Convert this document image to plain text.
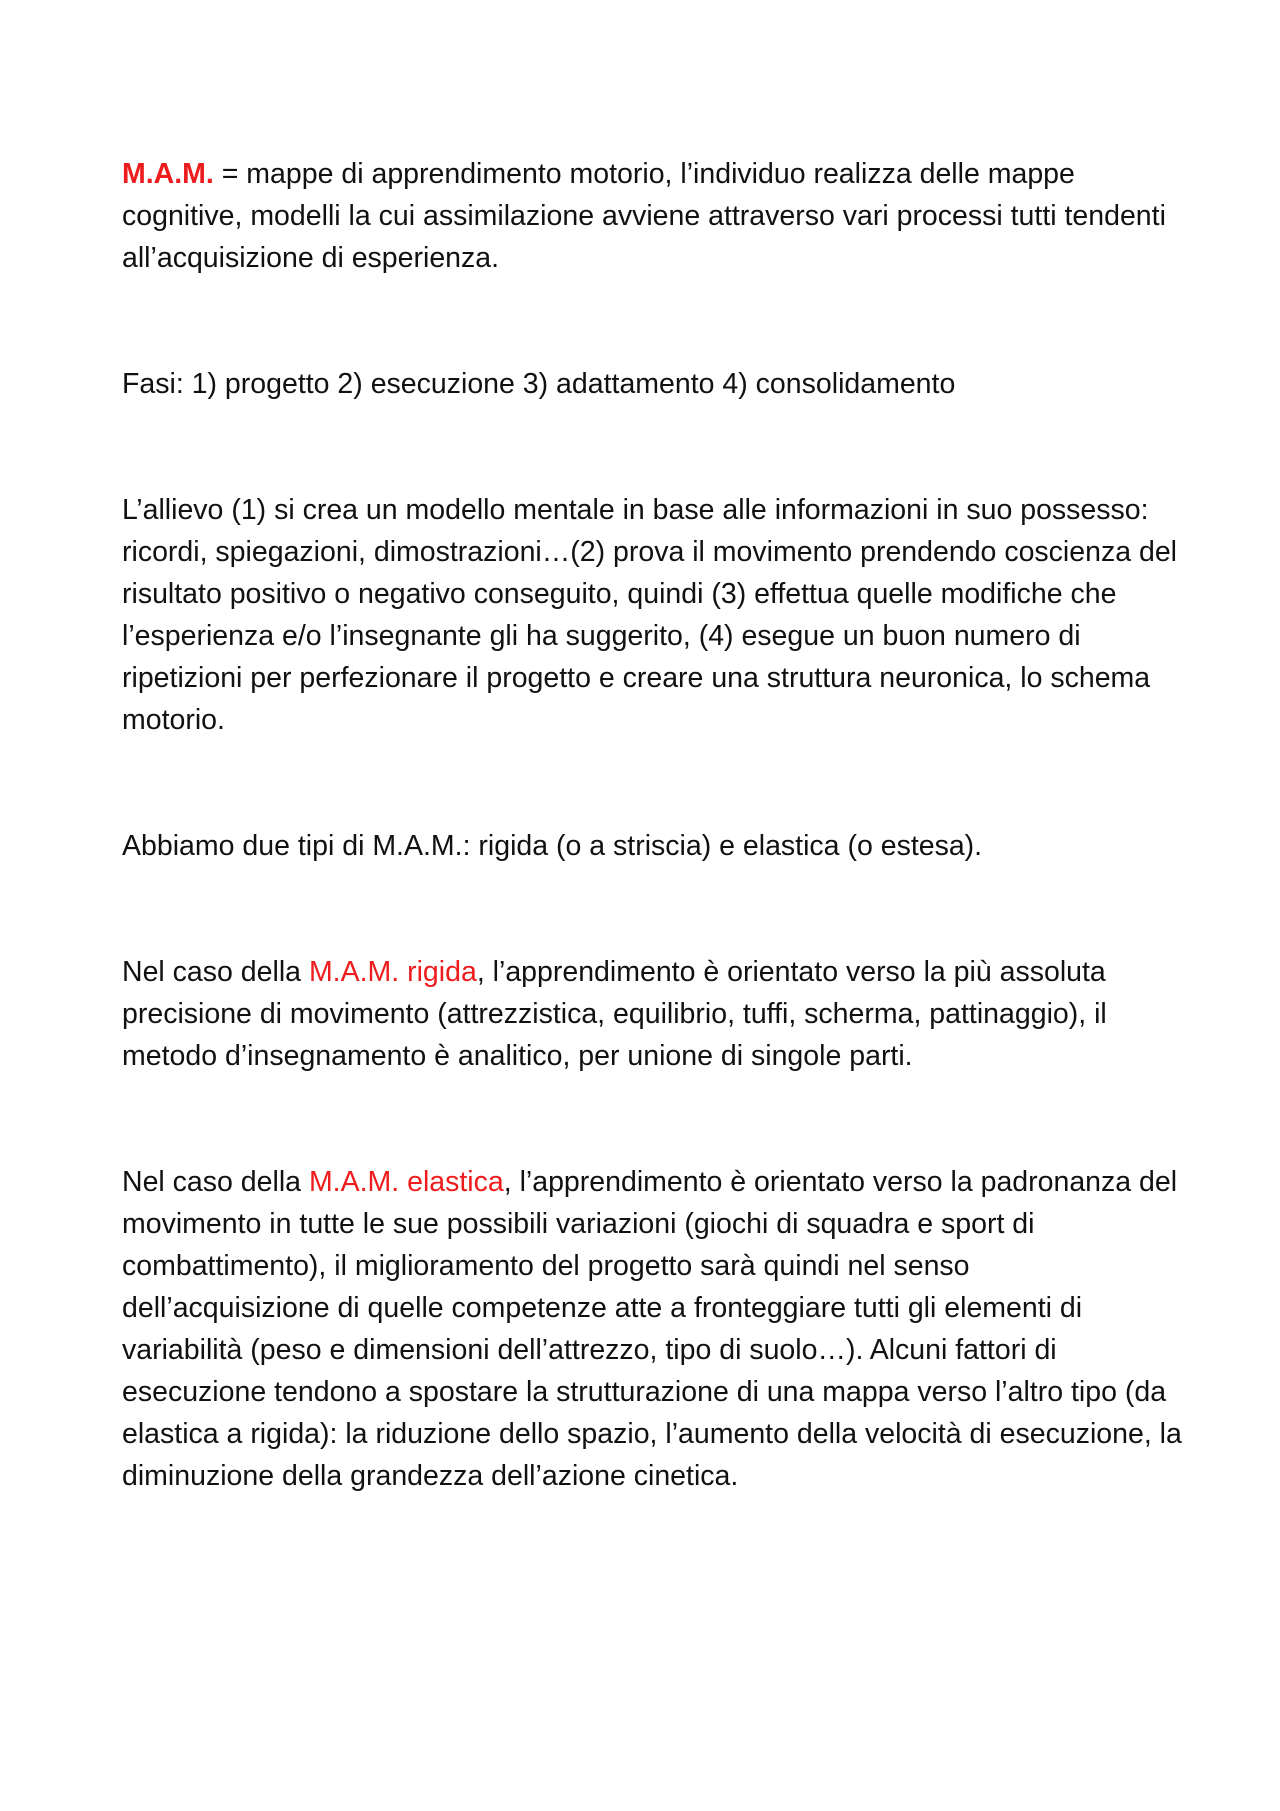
M.A.M. = mappe di apprendimento motorio, l’individuo realizza delle mappe cognitive, modelli la cui assimilazione avviene attraverso vari processi tutti tendenti all’acquisizione di esperienza.

Fasi: 1) progetto 2) esecuzione 3) adattamento 4) consolidamento

L’allievo (1) si crea un modello mentale in base alle informazioni in suo possesso: ricordi, spiegazioni, dimostrazioni…(2) prova il movimento prendendo coscienza del risultato positivo o negativo conseguito, quindi (3) effettua quelle modifiche che l’esperienza e/o l’insegnante gli ha suggerito, (4) esegue un buon numero di ripetizioni per perfezionare il progetto e creare una struttura neuronica, lo schema motorio.

Abbiamo due tipi di M.A.M.: rigida (o a striscia) e elastica (o estesa).

Nel caso della M.A.M. rigida, l’apprendimento è orientato verso la più assoluta precisione di movimento (attrezzistica, equilibrio, tuffi, scherma, pattinaggio), il metodo d’insegnamento è analitico, per unione di singole parti.

Nel caso della M.A.M. elastica, l’apprendimento è orientato verso la padronanza del movimento in tutte le sue possibili variazioni (giochi di squadra e sport di combattimento), il miglioramento del progetto sarà quindi nel senso dell’acquisizione di quelle competenze atte a fronteggiare tutti gli elementi di variabilità (peso e dimensioni dell’attrezzo, tipo di suolo…). Alcuni fattori di esecuzione tendono a spostare la strutturazione di una mappa verso l’altro tipo (da elastica a rigida): la riduzione dello spazio, l’aumento della velocità di esecuzione, la diminuzione della grandezza dell’azione cinetica.
